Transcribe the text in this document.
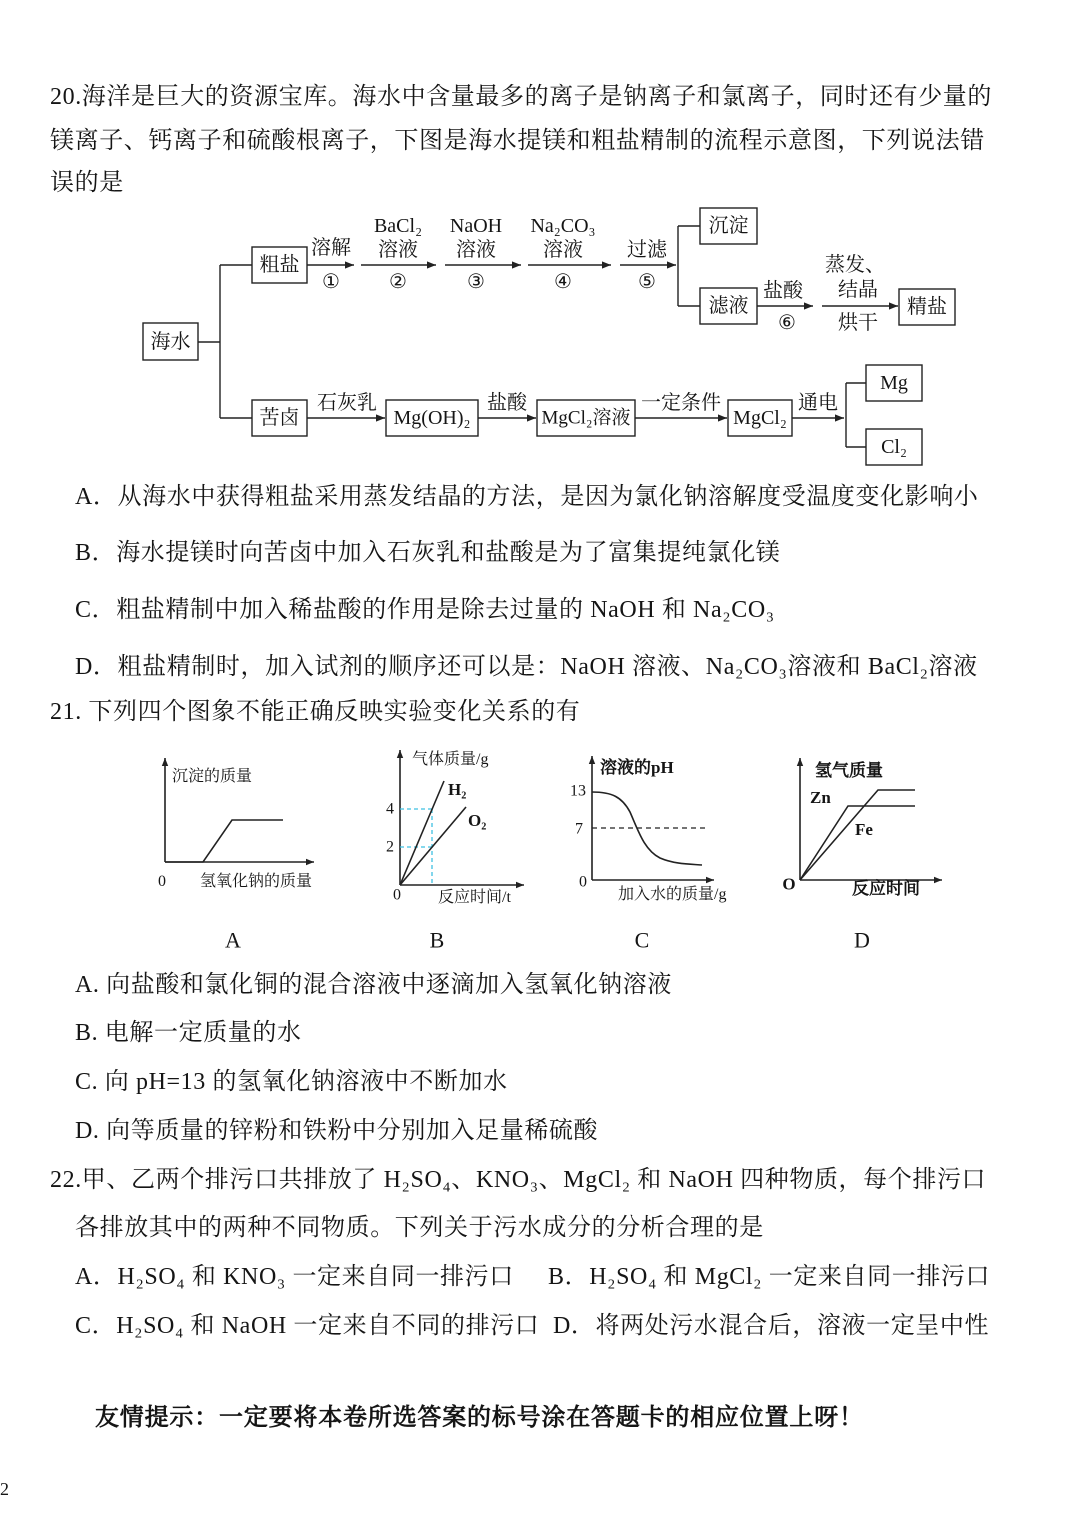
20.海洋是巨大的资源宝库。海水中含量最多的离子是钠离子和氯离子，同时还有少量的
镁离子、钙离子和硫酸根离子，下图是海水提镁和粗盐精制的流程示意图，下列说法错
误的是
海水
粗盐
沉淀
滤液	精盐
苦卤	Mg(OH)₂	MgCl₂溶液	MgCl₂
Mg
Cl₂
溶解
①
BaCl₂
溶液
②
NaOH
溶液
③
Na₂CO₃
溶液
④
过滤
⑤	盐酸
⑥
蒸发、
结晶
烘干
石灰乳	盐酸	一定条件	通电
沉淀的质量
0 氢氧化钠的质量
A
气体质量/g
4
2
H₂
O₂
0 反应时间/t
B
溶液的pH
13
7
0
加入水的质量/g
C
氢气质量
Zn
Fe
O	反应时间
D
A．从海水中获得粗盐采用蒸发结晶的方法，是因为氯化钠溶解度受温度变化影响小
B．海水提镁时向苦卤中加入石灰乳和盐酸是为了富集提纯氯化镁
C．粗盐精制中加入稀盐酸的作用是除去过量的 NaOH 和 Na₂CO₃
D．粗盐精制时，加入试剂的顺序还可以是：NaOH 溶液、Na₂CO₃溶液和 BaCl₂溶液
21. 下列四个图象不能正确反映实验变化关系的有
A. 向盐酸和氯化铜的混合溶液中逐滴加入氢氧化钠溶液
B. 电解一定质量的水
C. 向 pH=13 的氢氧化钠溶液中不断加水
D. 向等质量的锌粉和铁粉中分别加入足量稀硫酸
22.甲、乙两个排污口共排放了 H₂SO₄、KNO₃、MgCl₂ 和 NaOH 四种物质，每个排污口
各排放其中的两种不同物质。下列关于污水成分的分析合理的是
A．H₂SO₄ 和 KNO₃ 一定来自同一排污口 B．H₂SO₄ 和 MgCl₂ 一定来自同一排污口
C．H₂SO₄ 和 NaOH 一定来自不同的排污口 D．将两处污水混合后，溶液一定呈中性
友情提示：一定要将本卷所选答案的标号涂在答题卡的相应位置上呀！
2
